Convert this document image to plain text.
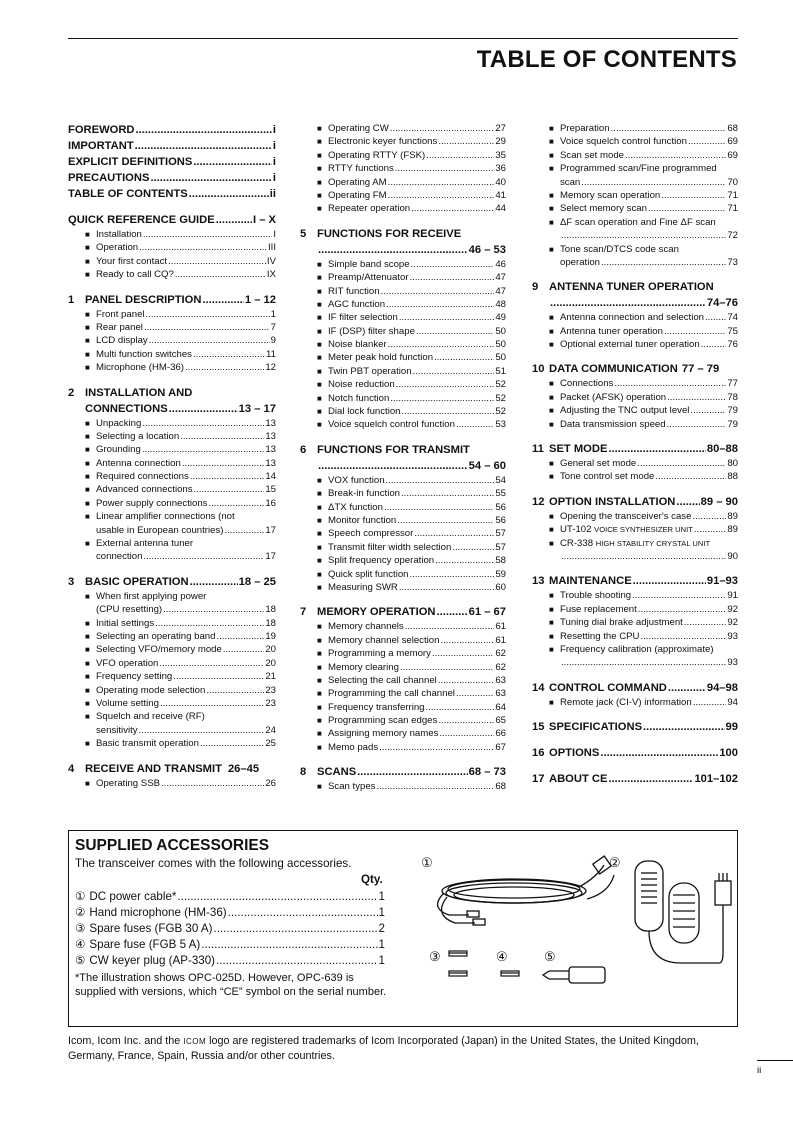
TABLE OF CONTENTS
FOREWORD .....	i
IMPORTANT .....	i
EXPLICIT DEFINITIONS .....	i
PRECAUTIONS .....	i
TABLE OF CONTENTS .....	ii
QUICK REFERENCE GUIDE .....	I – X
■ Installation .....	I
■ Operation .....	III
■ Your first contact .....	IV
■ Ready to call CQ? .....	IX
1 PANEL DESCRIPTION .....	1 – 12
■ Front panel .....	1
■ Rear panel .....	7
■ LCD display .....	9
■ Multi function switches .....	11
■ Microphone (HM-36) .....	12
2 INSTALLATION AND
CONNECTIONS .....	13 – 17
■ Unpacking .....	13
■ Selecting a location .....	13
■ Grounding .....	13
■ Antenna connection .....	13
■ Required connections .....	14
■ Advanced connections .....	15
■ Power supply connections .....	16
■ Linear amplifier connections (not
usable in European countries) .....	17
■ External antenna tuner
connection .....	17
3 BASIC OPERATION .....	18 – 25
■ When first applying power
(CPU resetting) .....	18
■ Initial settings .....	18
■ Selecting an operating band .....	19
■ Selecting VFO/memory mode .....	20
■ VFO operation .....	20
■ Frequency setting .....	21
■ Operating mode selection .....	23
■ Volume setting .....	23
■ Squelch and receive (RF)
sensitivity .....	24
■ Basic transmit operation .....	25
4 RECEIVE AND TRANSMIT 26–45
■ Operating SSB .....	26
■ Operating CW .....	27
■ Electronic keyer functions .....	29
■ Operating RTTY (FSK) .....	35
■ RTTY functions .....	36
■ Operating AM .....	40
■ Operating FM .....	41
■ Repeater operation .....	44
5 FUNCTIONS FOR RECEIVE
.....
46 – 53
■ Simple band scope .....	46
■ Preamp/Attenuator .....	47
■ RIT function .....	47
■ AGC function .....	48
■ IF filter selection .....	49
■ IF (DSP) filter shape .....	50
■ Noise blanker .....	50
■ Meter peak hold function .....	50
■ Twin PBT operation .....	51
■ Noise reduction .....	52
■ Notch function .....	52
■ Dial lock function .....	52
■ Voice squelch control function .....	53
6 FUNCTIONS FOR TRANSMIT
.....
54 – 60
■ VOX function .....	54
■ Break-in function .....	55
■ ΔTX function .....	56
■ Monitor function .....	56
■ Speech compressor .....	57
■ Transmit filter width selection .....	57
■ Split frequency operation .....	58
■ Quick split function .....	59
■ Measuring SWR .....	60
7 MEMORY OPERATION .....	61 – 67
■ Memory channels .....	61
■ Memory channel selection .....	61
■ Programming a memory .....	62
■ Memory clearing .....	62
■ Selecting the call channel .....	63
■ Programming the call channel .....	63
■ Frequency transferring .....	64
■ Programming scan edges .....	65
■ Assigning memory names .....	66
■ Memo pads .....	67
8 SCANS .....	68 – 73
■ Scan types .....	68
■ Preparation .....	68
■ Voice squelch control function .....	69
■ Scan set mode .....	69
■ Programmed scan/Fine programmed
scan .....	70
■ Memory scan operation .....	71
■ Select memory scan .....	71
■ ΔF scan operation and Fine ΔF scan
.....
72
■ Tone scan/DTCS code scan
operation .....	73
9 ANTENNA TUNER OPERATION
.....
74–76
■ Antenna connection and selection ..... 74
■ Antenna tuner operation .....	75
■ Optional external tuner operation .....	76
10 DATA COMMUNICATION 77 – 79
■ Connections .....	77
■ Packet (AFSK) operation .....	78
■ Adjusting the TNC output level .....	79
■ Data transmission speed .....	79
11 SET MODE .....	80–88
■ General set mode .....	80
■ Tone control set mode .....	88
12 OPTION INSTALLATION ..... 89 – 90
■ Opening the transceiver's case .....	89
■ UT-102 VOICE SYNTHESIZER UNIT .....	89
■ CR-338 HIGH STABILITY CRYSTAL UNIT
.....
90
13 MAINTENANCE .....	91–93
■ Trouble shooting .....	91
■ Fuse replacement .....	92
■ Tuning dial brake adjustment .....	92
■ Resetting the CPU .....	93
■ Frequency calibration (approximate)
.....
93
14 CONTROL COMMAND .....	94–98
■ Remote jack (CI-V) information .....	94
15 SPECIFICATIONS .....	99
16 OPTIONS .....	100
17 ABOUT CE .....	101–102
SUPPLIED ACCESSORIES
The transceiver comes with the following accessories.
Qty.
① DC power cable* .....	1
② Hand microphone (HM-36) .....	1
③ Spare fuses (FGB 30 A) .....	2
④ Spare fuse (FGB 5 A) .....	1
⑤ CW keyer plug (AP-330) .....	1
*The illustration shows OPC-025D. However, OPC-639 is supplied with versions, which “CE” symbol on the serial number.
①	②
③	④	⑤
Icom, Icom Inc. and the ICOM logo are registered trademarks of Icom Incorporated (Japan) in the United States, the United Kingdom, Germany, France, Spain, Russia and/or other countries.
ii
